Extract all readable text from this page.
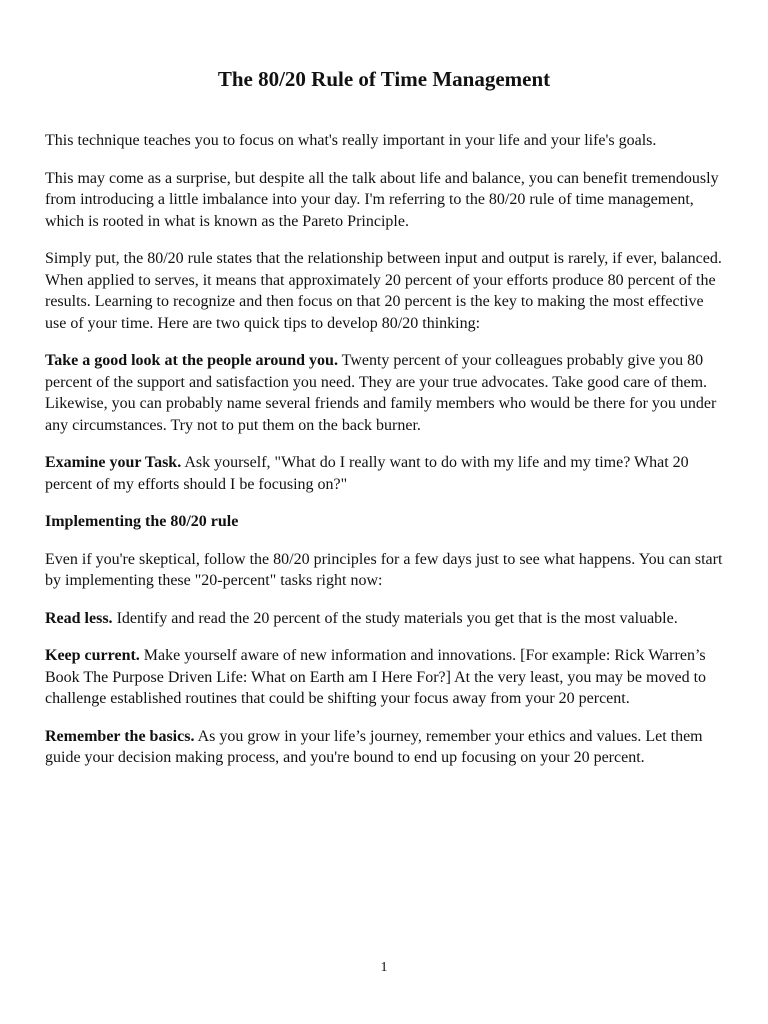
The 80/20 Rule of Time Management

This technique teaches you to focus on what's really important in your life and your life's goals.

This may come as a surprise, but despite all the talk about life and balance, you can benefit tremendously from introducing a little imbalance into your day. I'm referring to the 80/20 rule of time management, which is rooted in what is known as the Pareto Principle.

Simply put, the 80/20 rule states that the relationship between input and output is rarely, if ever, balanced. When applied to serves, it means that approximately 20 percent of your efforts produce 80 percent of the results. Learning to recognize and then focus on that 20 percent is the key to making the most effective use of your time. Here are two quick tips to develop 80/20 thinking:

Take a good look at the people around you. Twenty percent of your colleagues probably give you 80 percent of the support and satisfaction you need. They are your true advocates. Take good care of them. Likewise, you can probably name several friends and family members who would be there for you under any circumstances. Try not to put them on the back burner.

Examine your Task. Ask yourself, "What do I really want to do with my life and my time? What 20 percent of my efforts should I be focusing on?"

Implementing the 80/20 rule

Even if you're skeptical, follow the 80/20 principles for a few days just to see what happens. You can start by implementing these "20-percent" tasks right now:

Read less. Identify and read the 20 percent of the study materials you get that is the most valuable.

Keep current. Make yourself aware of new information and innovations. [For example: Rick Warren’s Book The Purpose Driven Life: What on Earth am I Here For?] At the very least, you may be moved to challenge established routines that could be shifting your focus away from your 20 percent.

Remember the basics. As you grow in your life’s journey, remember your ethics and values. Let them guide your decision making process, and you're bound to end up focusing on your 20 percent.

1
